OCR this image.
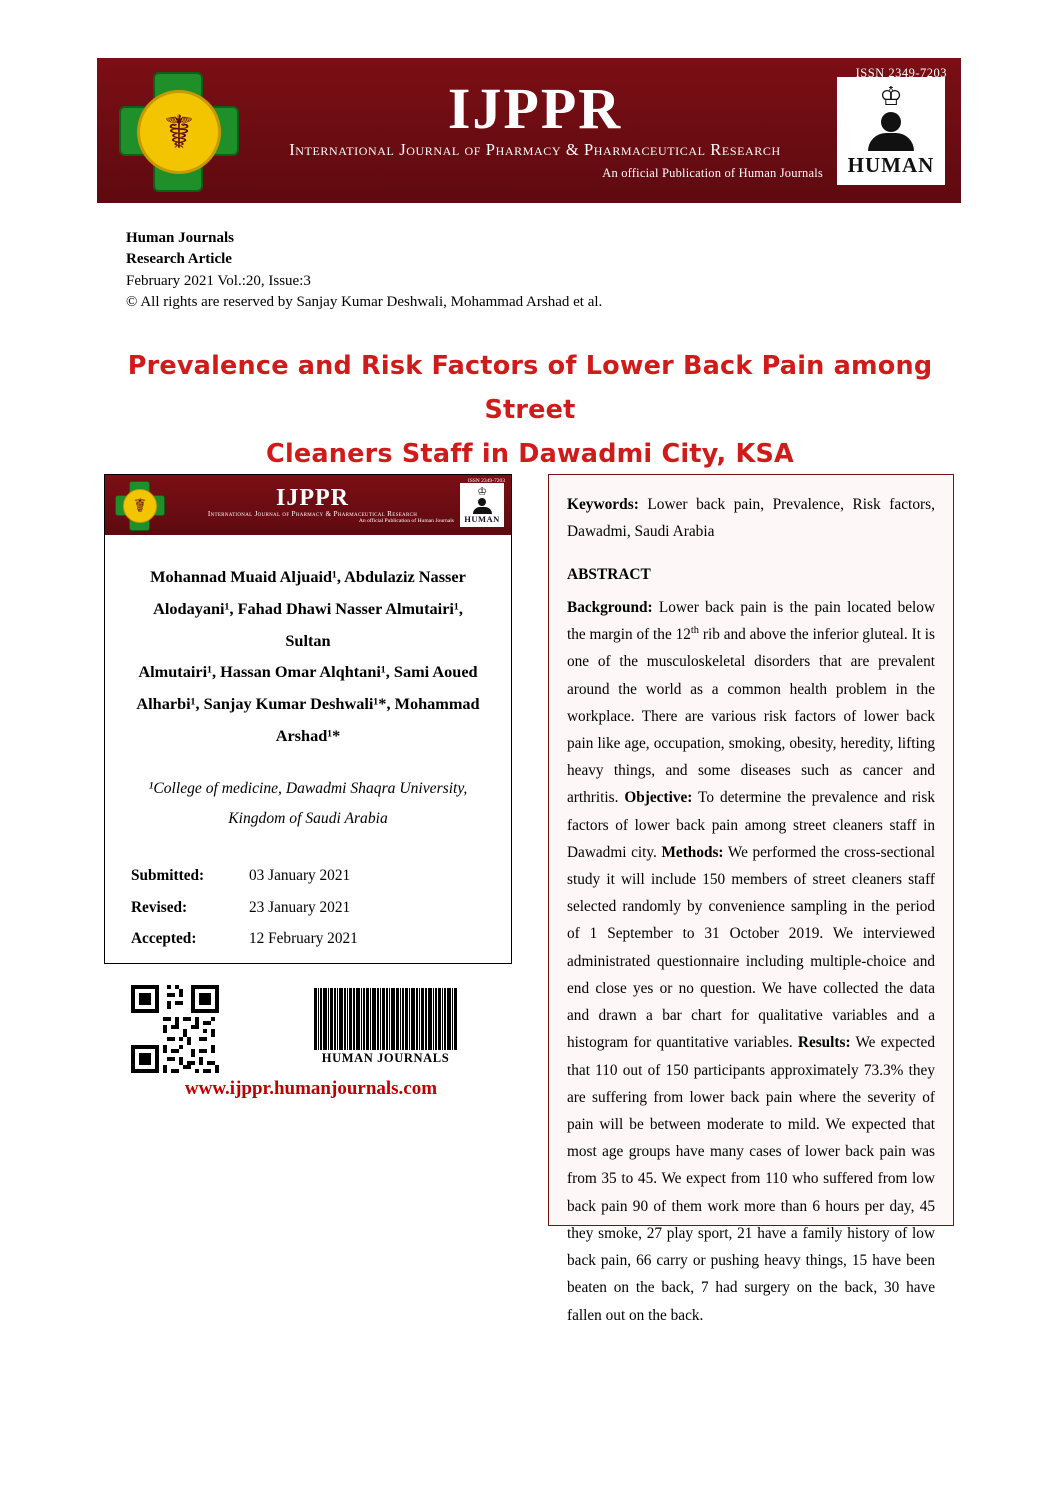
ISSN 2349-7203
☤	IJPPR
International Journal of Pharmacy & Pharmaceutical Research
An official Publication of Human Journals
♔
HUMAN
Human Journals
Research Article
February 2021 Vol.:20, Issue:3
© All rights are reserved by Sanjay Kumar Deshwali, Mohammad Arshad et al.
Prevalence and Risk Factors of Lower Back Pain among Street
Cleaners Staff in Dawadmi City, KSA
ISSN 2349-7203
☤	IJPPR
International Journal of Pharmacy & Pharmaceutical Research
An official Publication of Human Journals
♔
HUMAN
Mohannad Muaid Aljuaid¹, Abdulaziz Nasser
Alodayani¹, Fahad Dhawi Nasser Almutairi¹, Sultan
Almutairi¹, Hassan Omar Alqhtani¹, Sami Aoued
Alharbi¹, Sanjay Kumar Deshwali¹*, Mohammad
Arshad¹*
¹College of medicine, Dawadmi Shaqra University,
Kingdom of Saudi Arabia
Submitted:	03 January 2021
Revised:	23 January 2021
Accepted:	12 February 2021
HUMAN JOURNALS
www.ijppr.humanjournals.com
Keywords: Lower back pain, Prevalence, Risk factors, Dawadmi, Saudi Arabia
ABSTRACT
Background: Lower back pain is the pain located below the margin of the 12th rib and above the inferior gluteal. It is one of the musculoskeletal disorders that are prevalent around the world as a common health problem in the workplace. There are various risk factors of lower back pain like age, occupation, smoking, obesity, heredity, lifting heavy things, and some diseases such as cancer and arthritis. Objective: To determine the prevalence and risk factors of lower back pain among street cleaners staff in Dawadmi city. Methods: We performed the cross-sectional study it will include 150 members of street cleaners staff selected randomly by convenience sampling in the period of 1 September to 31 October 2019. We interviewed administrated questionnaire including multiple-choice and end close yes or no question. We have collected the data and drawn a bar chart for qualitative variables and a histogram for quantitative variables. Results: We expected that 110 out of 150 participants approximately 73.3% they are suffering from lower back pain where the severity of pain will be between moderate to mild. We expected that most age groups have many cases of lower back pain was from 35 to 45. We expect from 110 who suffered from low back pain 90 of them work more than 6 hours per day, 45 they smoke, 27 play sport, 21 have a family history of low back pain, 66 carry or pushing heavy things, 15 have been beaten on the back, 7 had surgery on the back, 30 have fallen out on the back.
